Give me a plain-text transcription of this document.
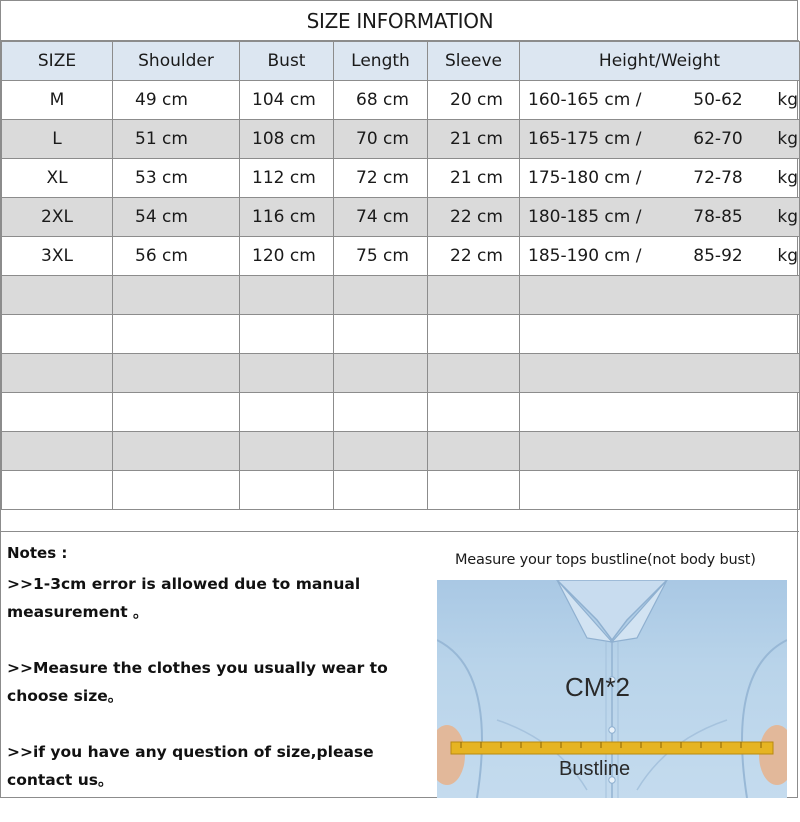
SIZE INFORMATION
SIZE	Shoulder	Bust	Length	Sleeve	Height/Weight
M	49 cm	104 cm	68 cm	20 cm	160-165 cm / 50-62 kg

L	51 cm	108 cm	70 cm	21 cm	165-175 cm / 62-70 kg

XL	53 cm	112 cm	72 cm	21 cm	175-180 cm / 72-78 kg

2XL	54 cm	116 cm	74 cm	22 cm	180-185 cm / 78-85 kg

3XL	56 cm	120 cm	75 cm	22 cm	185-190 cm / 85-92 kg

Notes :

>>1-3cm error is allowed due to manual measurement 。

>>Measure the clothes you usually wear to choose size。

>>if you have any question of size,please contact us。

Measure your tops bustline(not body bust)
CM*2
Bustline
